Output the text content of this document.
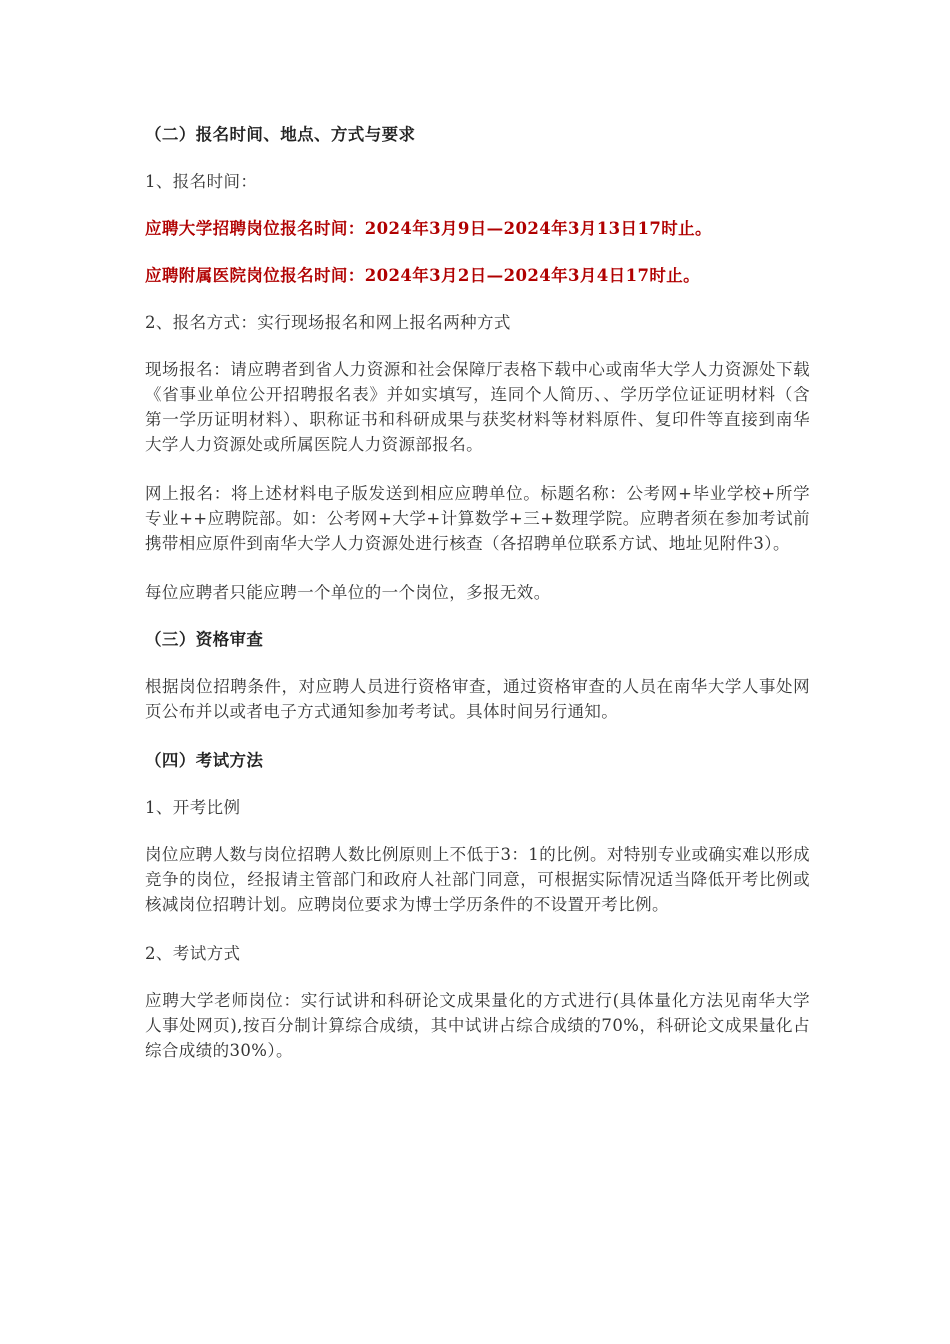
（二）报名时间、地点、方式与要求

1、报名时间：

应聘大学招聘岗位报名时间：2024年3月9日—2024年3月13日17时止。

应聘附属医院岗位报名时间：2024年3月2日—2024年3月4日17时止。

2、报名方式：实行现场报名和网上报名两种方式

现场报名：请应聘者到省人力资源和社会保障厅表格下载中心或南华大学人力资源处下载《省事业单位公开招聘报名表》并如实填写，连同个人简历、、学历学位证证明材料（含第一学历证明材料）、职称证书和科研成果与获奖材料等材料原件、复印件等直接到南华大学人力资源处或所属医院人力资源部报名。

网上报名：将上述材料电子版发送到相应应聘单位。标题名称：公考网+毕业学校+所学专业++应聘院部。如：公考网+大学+计算数学+三+数理学院。应聘者须在参加考试前携带相应原件到南华大学人力资源处进行核查（各招聘单位联系方试、地址见附件3）。

每位应聘者只能应聘一个单位的一个岗位，多报无效。

（三）资格审查

根据岗位招聘条件，对应聘人员进行资格审查，通过资格审查的人员在南华大学人事处网页公布并以或者电子方式通知参加考考试。具体时间另行通知。

（四）考试方法

1、开考比例

岗位应聘人数与岗位招聘人数比例原则上不低于3：1的比例。对特别专业或确实难以形成竞争的岗位，经报请主管部门和政府人社部门同意，可根据实际情况适当降低开考比例或核减岗位招聘计划。应聘岗位要求为博士学历条件的不设置开考比例。

2、考试方式

应聘大学老师岗位：实行试讲和科研论文成果量化的方式进行(具体量化方法见南华大学人事处网页),按百分制计算综合成绩，其中试讲占综合成绩的70%，科研论文成果量化占综合成绩的30%）。
